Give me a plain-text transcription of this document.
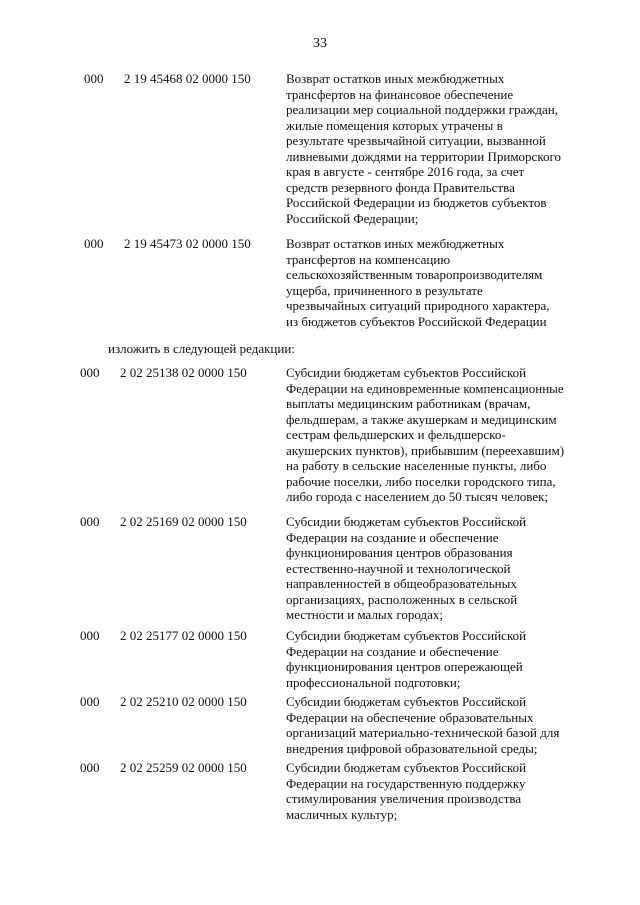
33
000 2 19 45468 02 0000 150	Возврат остатков иных межбюджетных
трансфертов на финансовое обеспечение
реализации мер социальной поддержки граждан,
жилые помещения которых утрачены в
результате чрезвычайной ситуации, вызванной
ливневыми дождями на территории Приморского
края в августе - сентябре 2016 года, за счет
средств резервного фонда Правительства
Российской Федерации из бюджетов субъектов
Российской Федерации;
000 2 19 45473 02 0000 150	Возврат остатков иных межбюджетных
трансфертов на компенсацию
сельскохозяйственным товаропроизводителям
ущерба, причиненного в результате
чрезвычайных ситуаций природного характера,
из бюджетов субъектов Российской Федерации
изложить в следующей редакции:
000 2 02 25138 02 0000 150	Субсидии бюджетам субъектов Российской
Федерации на единовременные компенсационные
выплаты медицинским работникам (врачам,
фельдшерам, а также акушеркам и медицинским
сестрам фельдшерских и фельдшерско-
акушерских пунктов), прибывшим (переехавшим)
на работу в сельские населенные пункты, либо
рабочие поселки, либо поселки городского типа,
либо города с населением до 50 тысяч человек;
000 2 02 25169 02 0000 150	Субсидии бюджетам субъектов Российской
Федерации на создание и обеспечение
функционирования центров образования
естественно-научной и технологической
направленностей в общеобразовательных
организациях, расположенных в сельской
местности и малых городах;
000 2 02 25177 02 0000 150	Субсидии бюджетам субъектов Российской
Федерации на создание и обеспечение
функционирования центров опережающей
профессиональной подготовки;
000 2 02 25210 02 0000 150	Субсидии бюджетам субъектов Российской
Федерации на обеспечение образовательных
организаций материально-технической базой для
внедрения цифровой образовательной среды;
000 2 02 25259 02 0000 150	Субсидии бюджетам субъектов Российской
Федерации на государственную поддержку
стимулирования увеличения производства
масличных культур;
